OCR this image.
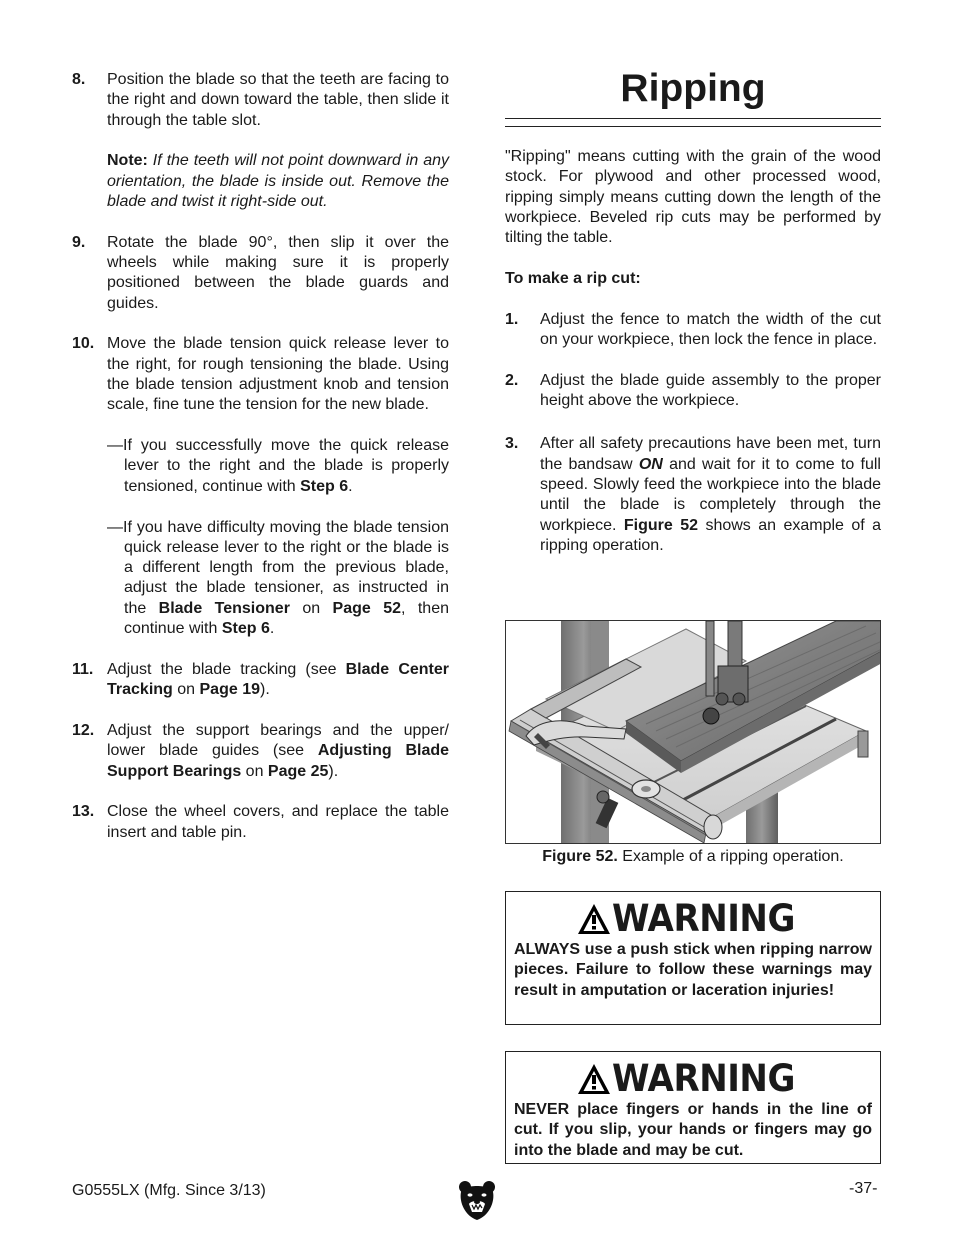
8.	Position the blade so that the teeth are facing to the right and down toward the table, then slide it through the table slot.
Note: If the teeth will not point downward in any orientation, the blade is inside out. Remove the blade and twist it right-side out.
9.	Rotate the blade 90°, then slip it over the wheels while making sure it is properly positioned between the blade guards and guides.
10. Move the blade tension quick release lever to the right, for rough tensioning the blade. Using the blade tension adjustment knob and tension scale, fine tune the tension for the new blade.
—If you successfully move the quick release lever to the right and the blade is properly tensioned, continue with Step 6.
—If you have difficulty moving the blade tension quick release lever to the right or the blade is a different length from the previous blade, adjust the blade tensioner, as instructed in the Blade Tensioner on Page 52, then continue with Step 6.
11. Adjust the blade tracking (see Blade Center Tracking on Page 19).
12. Adjust the support bearings and the upper/ lower blade guides (see Adjusting Blade Support Bearings on Page 25).
13. Close the wheel covers, and replace the table insert and table pin.
Ripping

"Ripping" means cutting with the grain of the wood stock. For plywood and other processed wood, ripping simply means cutting down the length of the workpiece. Beveled rip cuts may be performed by tilting the table.

To make a rip cut:
1.	Adjust the fence to match the width of the cut on your workpiece, then lock the fence in place.
2.	Adjust the blade guide assembly to the proper height above the workpiece.
3.	After all safety precautions have been met, turn the bandsaw ON and wait for it to come to full speed. Slowly feed the workpiece into the blade until the blade is completely through the workpiece. Figure 52 shows an example of a ripping operation.
Figure 52. Example of a ripping operation.
WARNING
ALWAYS use a push stick when ripping narrow pieces. Failure to follow these warnings may result in amputation or laceration injuries!
WARNING
NEVER place fingers or hands in the line of cut. If you slip, your hands or fingers may go into the blade and may be cut.
G0555LX (Mfg. Since 3/13)	-37-
